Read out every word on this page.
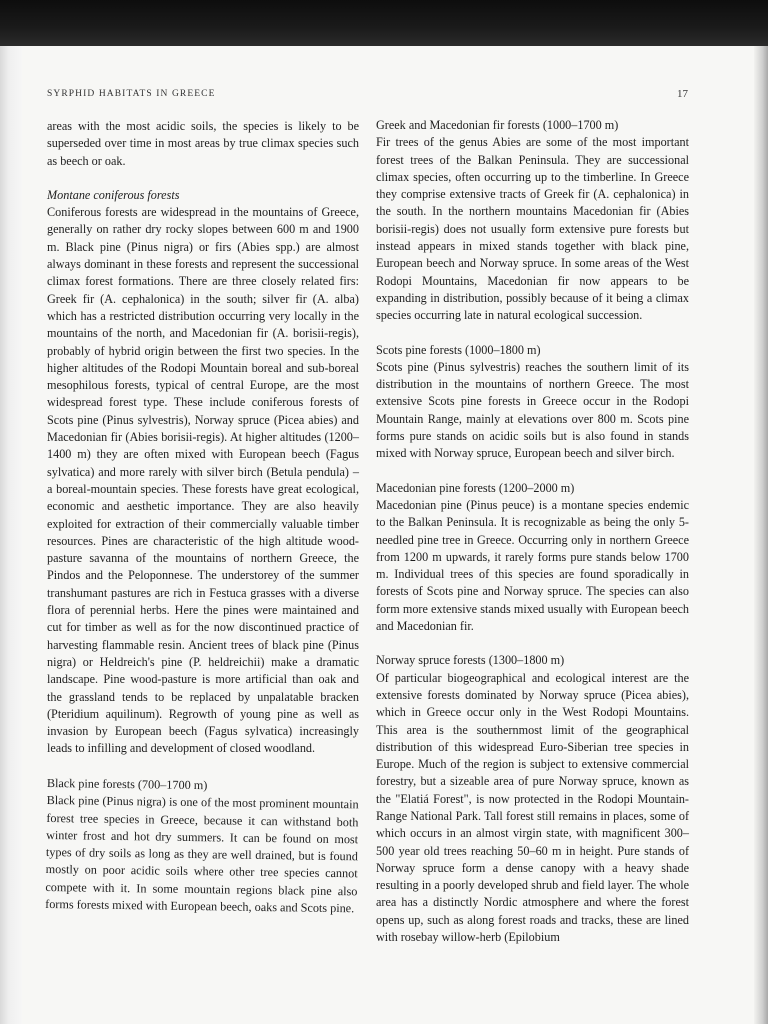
SYRPHID HABITATS IN GREECE	17

areas with the most acidic soils, the species is likely to be superseded over time in most areas by true climax species such as beech or oak.

Montane coniferous forests

Coniferous forests are widespread in the mountains of Greece, generally on rather dry rocky slopes between 600 m and 1900 m. Black pine (Pinus nigra) or firs (Abies spp.) are almost always dominant in these forests and represent the successional climax forest formations. There are three closely related firs: Greek fir (A. cephalonica) in the south; silver fir (A. alba) which has a restricted distribution occurring very locally in the mountains of the north, and Macedonian fir (A. borisii-regis), probably of hybrid origin between the first two species. In the higher altitudes of the Rodopi Mountain boreal and sub-boreal mesophilous forests, typical of central Europe, are the most widespread forest type. These include coniferous forests of Scots pine (Pinus sylvestris), Norway spruce (Picea abies) and Macedonian fir (Abies borisii-regis). At higher altitudes (1200–1400 m) they are often mixed with European beech (Fagus sylvatica) and more rarely with silver birch (Betula pendula) – a boreal-mountain species. These forests have great ecological, economic and aesthetic importance. They are also heavily exploited for extraction of their commercially valuable timber resources. Pines are characteristic of the high altitude wood-pasture savanna of the mountains of northern Greece, the Pindos and the Peloponnese. The understorey of the summer transhumant pastures are rich in Festuca grasses with a diverse flora of perennial herbs. Here the pines were maintained and cut for timber as well as for the now discontinued practice of harvesting flammable resin. Ancient trees of black pine (Pinus nigra) or Heldreich's pine (P. heldreichii) make a dramatic landscape. Pine wood-pasture is more artificial than oak and the grassland tends to be replaced by unpalatable bracken (Pteridium aquilinum). Regrowth of young pine as well as invasion by European beech (Fagus sylvatica) increasingly leads to infilling and development of closed woodland.

Black pine forests (700–1700 m)

Black pine (Pinus nigra) is one of the most prominent mountain forest tree species in Greece, because it can withstand both winter frost and hot dry summers. It can be found on most types of dry soils as long as they are well drained, but is found mostly on poor acidic soils where other tree species cannot compete with it. In some mountain regions black pine also forms forests mixed with European beech, oaks and Scots pine.

Greek and Macedonian fir forests (1000–1700 m)

Fir trees of the genus Abies are some of the most important forest trees of the Balkan Peninsula. They are successional climax species, often occurring up to the timberline. In Greece they comprise extensive tracts of Greek fir (A. cephalonica) in the south. In the northern mountains Macedonian fir (Abies borisii-regis) does not usually form extensive pure forests but instead appears in mixed stands together with black pine, European beech and Norway spruce. In some areas of the West Rodopi Mountains, Macedonian fir now appears to be expanding in distribution, possibly because of it being a climax species occurring late in natural ecological succession.

Scots pine forests (1000–1800 m)

Scots pine (Pinus sylvestris) reaches the southern limit of its distribution in the mountains of northern Greece. The most extensive Scots pine forests in Greece occur in the Rodopi Mountain Range, mainly at elevations over 800 m. Scots pine forms pure stands on acidic soils but is also found in stands mixed with Norway spruce, European beech and silver birch.

Macedonian pine forests (1200–2000 m)

Macedonian pine (Pinus peuce) is a montane species endemic to the Balkan Peninsula. It is recognizable as being the only 5-needled pine tree in Greece. Occurring only in northern Greece from 1200 m upwards, it rarely forms pure stands below 1700 m. Individual trees of this species are found sporadically in forests of Scots pine and Norway spruce. The species can also form more extensive stands mixed usually with European beech and Macedonian fir.

Norway spruce forests (1300–1800 m)

Of particular biogeographical and ecological interest are the extensive forests dominated by Norway spruce (Picea abies), which in Greece occur only in the West Rodopi Mountains. This area is the southernmost limit of the geographical distribution of this widespread Euro-Siberian tree species in Europe. Much of the region is subject to extensive commercial forestry, but a sizeable area of pure Norway spruce, known as the "Elatiá Forest", is now protected in the Rodopi Mountain-Range National Park. Tall forest still remains in places, some of which occurs in an almost virgin state, with magnificent 300–500 year old trees reaching 50–60 m in height. Pure stands of Norway spruce form a dense canopy with a heavy shade resulting in a poorly developed shrub and field layer. The whole area has a distinctly Nordic atmosphere and where the forest opens up, such as along forest roads and tracks, these are lined with rosebay willow-herb (Epilobium
